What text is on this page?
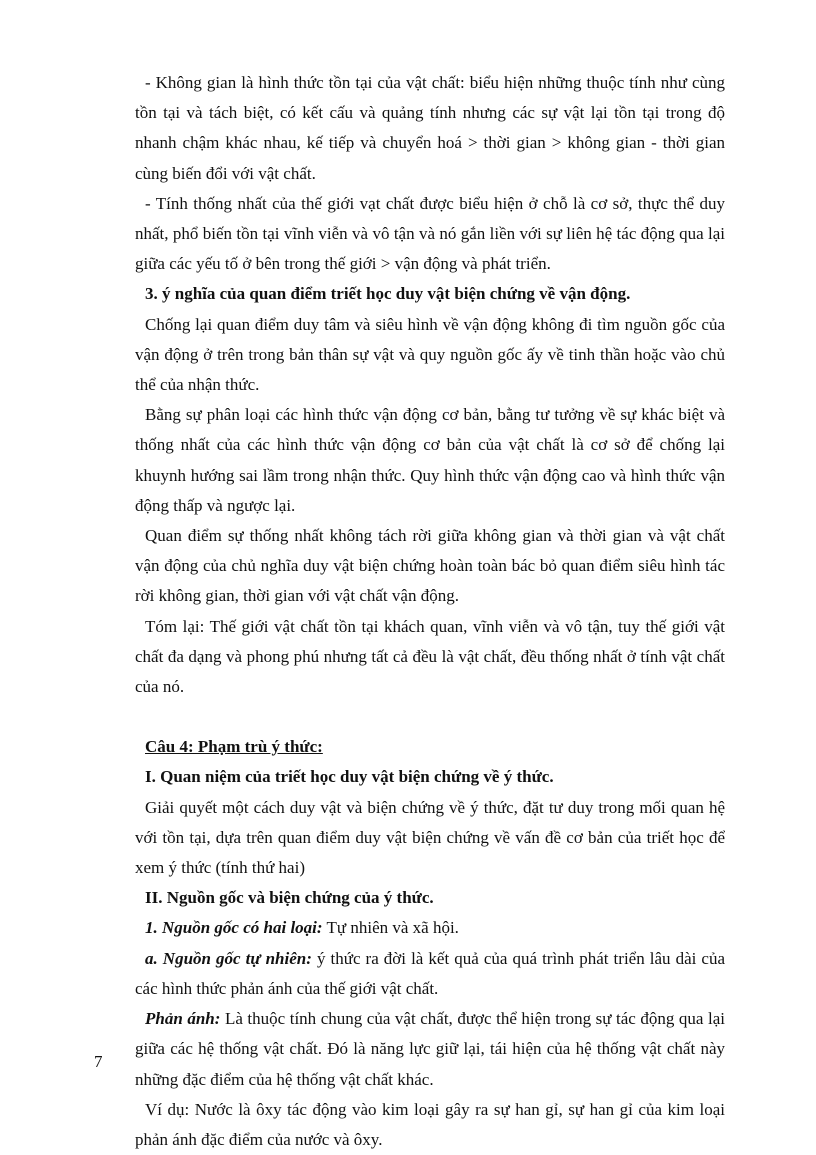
- Không gian là hình thức tồn tại của vật chất: biểu hiện những thuộc tính như cùng tồn tại và tách biệt, có kết cấu và quảng tính nhưng các sự vật lại tồn tại trong độ nhanh chậm khác nhau, kế tiếp và chuyển hoá > thời gian > không gian - thời gian cùng biến đổi với vật chất.

- Tính thống nhất của thế giới vạt chất được biểu hiện ở chỗ là cơ sở, thực thể duy nhất, phổ biến tồn tại vĩnh viễn và vô tận và nó gắn liền với sự liên hệ tác động qua lại giữa các yếu tố ở bên trong thế giới > vận động và phát triển.

3. ý nghĩa của quan điểm triết học duy vật biện chứng về vận động.

Chống lại quan điểm duy tâm và siêu hình về vận động không đi tìm nguồn gốc của vận động ở trên trong bản thân sự vật và quy nguồn gốc ấy về tinh thần hoặc vào chủ thể của nhận thức.

Bằng sự phân loại các hình thức vận động cơ bản, bằng tư tưởng về sự khác biệt và thống nhất của các hình thức vận động cơ bản của vật chất là cơ sở để chống lại khuynh hướng sai lầm trong nhận thức. Quy hình thức vận động cao và hình thức vận động thấp và ngược lại.

Quan điểm sự thống nhất không tách rời giữa không gian và thời gian và vật chất vận động của chủ nghĩa duy vật biện chứng hoàn toàn bác bỏ quan điểm siêu hình tác rời không gian, thời gian với vật chất vận động.

Tóm lại: Thế giới vật chất tồn tại khách quan, vĩnh viễn và vô tận, tuy thế giới vật chất đa dạng và phong phú nhưng tất cả đều là vật chất, đều thống nhất ở tính vật chất của nó.

Câu 4: Phạm trù ý thức:

I. Quan niệm của triết học duy vật biện chứng về ý thức.

Giải quyết một cách duy vật và biện chứng về ý thức, đặt tư duy trong mối quan hệ với tồn tại, dựa trên quan điểm duy vật biện chứng về vấn đề cơ bản của triết học để xem ý thức (tính thứ hai)

II. Nguồn gốc và biện chứng của ý thức.

1. Nguồn gốc có hai loại: Tự nhiên và xã hội.

a. Nguồn gốc tự nhiên: ý thức ra đời là kết quả của quá trình phát triển lâu dài của các hình thức phản ánh của thế giới vật chất.

Phản ánh: Là thuộc tính chung của vật chất, được thể hiện trong sự tác động qua lại giữa các hệ thống vật chất. Đó là năng lực giữ lại, tái hiện của hệ thống vật chất này những đặc điểm của hệ thống vật chất khác.

Ví dụ: Nước là ôxy tác động vào kim loại gây ra sự han gỉ, sự han gỉ của kim loại phản ánh đặc điểm của nước và ôxy.

7
